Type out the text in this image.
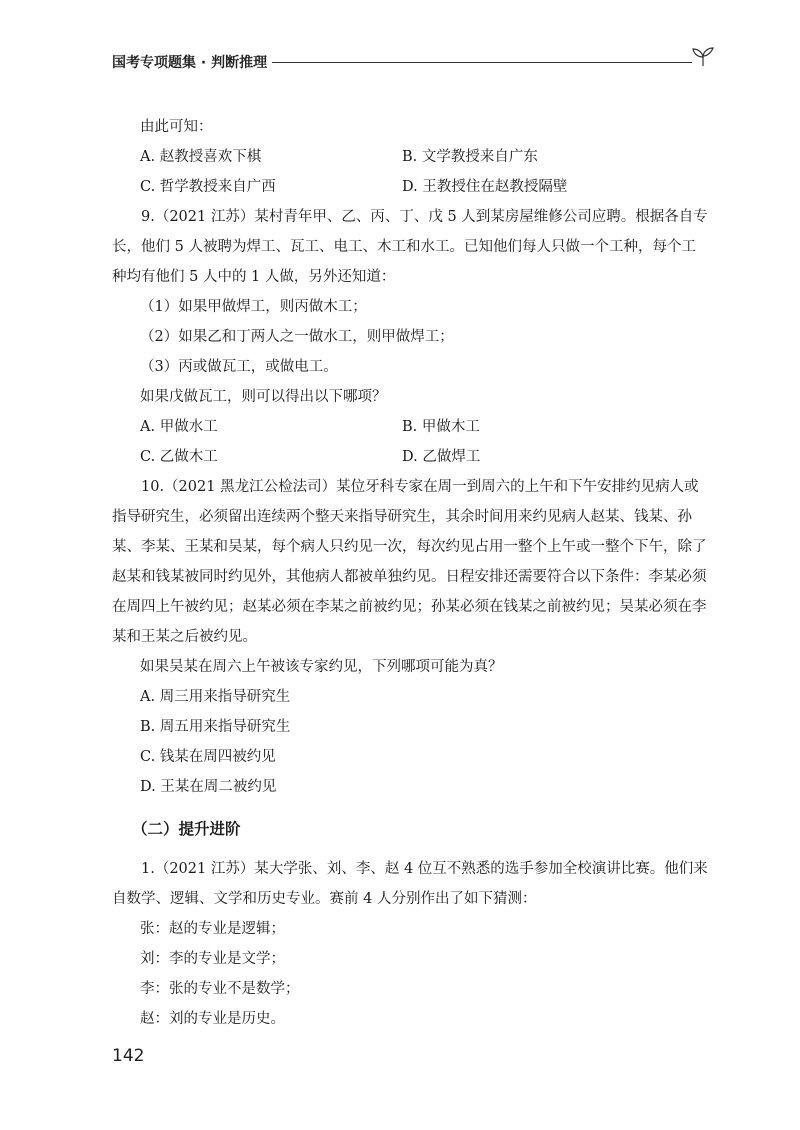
国考专项题集 · 判断推理

由此可知：

A. 赵教授喜欢下棋	B. 文学教授来自广东
C. 哲学教授来自广西	D. 王教授住在赵教授隔壁

9.（2021 江苏）某村青年甲、乙、丙、丁、戊 5 人到某房屋维修公司应聘。根据各自专长，他们 5 人被聘为焊工、瓦工、电工、木工和水工。已知他们每人只做一个工种，每个工种均有他们 5 人中的 1 人做，另外还知道：

（1）如果甲做焊工，则丙做木工；

（2）如果乙和丁两人之一做水工，则甲做焊工；

（3）丙或做瓦工，或做电工。

如果戊做瓦工，则可以得出以下哪项？

A. 甲做水工	B. 甲做木工
C. 乙做木工	D. 乙做焊工

10.（2021 黑龙江公检法司）某位牙科专家在周一到周六的上午和下午安排约见病人或指导研究生，必须留出连续两个整天来指导研究生，其余时间用来约见病人赵某、钱某、孙某、李某、王某和吴某，每个病人只约见一次，每次约见占用一整个上午或一整个下午，除了赵某和钱某被同时约见外，其他病人都被单独约见。日程安排还需要符合以下条件：李某必须在周四上午被约见；赵某必须在李某之前被约见；孙某必须在钱某之前被约见；吴某必须在李某和王某之后被约见。

如果吴某在周六上午被该专家约见，下列哪项可能为真？

A. 周三用来指导研究生

B. 周五用来指导研究生

C. 钱某在周四被约见

D. 王某在周二被约见

（二）提升进阶

1.（2021 江苏）某大学张、刘、李、赵 4 位互不熟悉的选手参加全校演讲比赛。他们来自数学、逻辑、文学和历史专业。赛前 4 人分别作出了如下猜测：

张：赵的专业是逻辑；

刘：李的专业是文学；

李：张的专业不是数学；

赵：刘的专业是历史。

142
